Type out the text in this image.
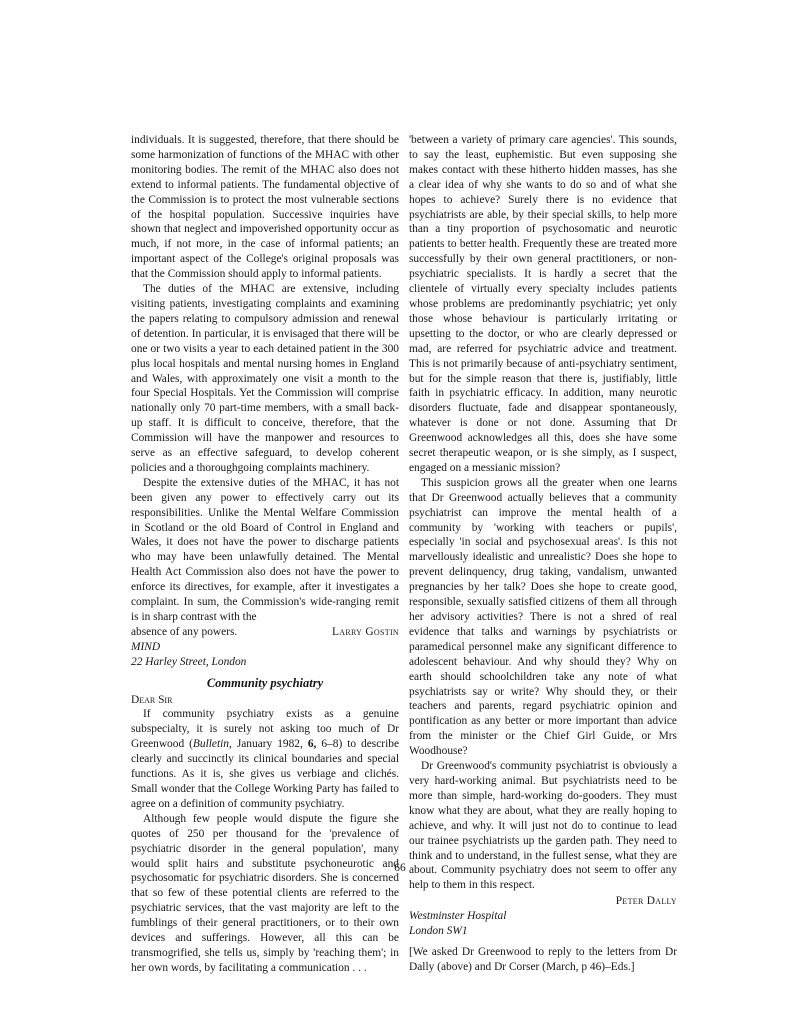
individuals. It is suggested, therefore, that there should be some harmonization of functions of the MHAC with other monitoring bodies. The remit of the MHAC also does not extend to informal patients. The fundamental objective of the Commission is to protect the most vulnerable sections of the hospital population. Successive inquiries have shown that neglect and impoverished opportunity occur as much, if not more, in the case of informal patients; an important aspect of the College's original proposals was that the Commission should apply to informal patients.

The duties of the MHAC are extensive, including visiting patients, investigating complaints and examining the papers relating to compulsory admission and renewal of detention. In particular, it is envisaged that there will be one or two visits a year to each detained patient in the 300 plus local hospitals and mental nursing homes in England and Wales, with approximately one visit a month to the four Special Hospitals. Yet the Commission will comprise nationally only 70 part-time members, with a small back-up staff. It is difficult to conceive, therefore, that the Commission will have the manpower and resources to serve as an effective safeguard, to develop coherent policies and a thoroughgoing complaints machinery.

Despite the extensive duties of the MHAC, it has not been given any power to effectively carry out its responsibilities. Unlike the Mental Welfare Commission in Scotland or the old Board of Control in England and Wales, it does not have the power to discharge patients who may have been unlawfully detained. The Mental Health Act Commission also does not have the power to enforce its directives, for example, after it investigates a complaint. In sum, the Commission's wide-ranging remit is in sharp contrast with the

absence of any powers.	Larry Gostin

MIND

22 Harley Street, London

Community psychiatry

Dear Sir

If community psychiatry exists as a genuine subspecialty, it is surely not asking too much of Dr Greenwood (Bulletin, January 1982, 6, 6–8) to describe clearly and succinctly its clinical boundaries and special functions. As it is, she gives us verbiage and clichés. Small wonder that the College Working Party has failed to agree on a definition of community psychiatry.

Although few people would dispute the figure she quotes of 250 per thousand for the 'prevalence of psychiatric disorder in the general population', many would split hairs and substitute psychoneurotic and psychosomatic for psychiatric disorders. She is concerned that so few of these potential clients are referred to the psychiatric services, that the vast majority are left to the fumblings of their general practitioners, or to their own devices and sufferings. However, all this can be transmogrified, she tells us, simply by 'reaching them'; in her own words, by facilitating a communication . . .

'between a variety of primary care agencies'. This sounds, to say the least, euphemistic. But even supposing she makes contact with these hitherto hidden masses, has she a clear idea of why she wants to do so and of what she hopes to achieve? Surely there is no evidence that psychiatrists are able, by their special skills, to help more than a tiny proportion of psychosomatic and neurotic patients to better health. Frequently these are treated more successfully by their own general practitioners, or non-psychiatric specialists. It is hardly a secret that the clientele of virtually every specialty includes patients whose problems are predominantly psychiatric; yet only those whose behaviour is particularly irritating or upsetting to the doctor, or who are clearly depressed or mad, are referred for psychiatric advice and treatment. This is not primarily because of anti-psychiatry sentiment, but for the simple reason that there is, justifiably, little faith in psychiatric efficacy. In addition, many neurotic disorders fluctuate, fade and disappear spontaneously, whatever is done or not done. Assuming that Dr Greenwood acknowledges all this, does she have some secret therapeutic weapon, or is she simply, as I suspect, engaged on a messianic mission?

This suspicion grows all the greater when one learns that Dr Greenwood actually believes that a community psychiatrist can improve the mental health of a community by 'working with teachers or pupils', especially 'in social and psychosexual areas'. Is this not marvellously idealistic and unrealistic? Does she hope to prevent delinquency, drug taking, vandalism, unwanted pregnancies by her talk? Does she hope to create good, responsible, sexually satisfied citizens of them all through her advisory activities? There is not a shred of real evidence that talks and warnings by psychiatrists or paramedical personnel make any significant difference to adolescent behaviour. And why should they? Why on earth should schoolchildren take any note of what psychiatrists say or write? Why should they, or their teachers and parents, regard psychiatric opinion and pontification as any better or more important than advice from the minister or the Chief Girl Guide, or Mrs Woodhouse?

Dr Greenwood's community psychiatrist is obviously a very hard-working animal. But psychiatrists need to be more than simple, hard-working do-gooders. They must know what they are about, what they are really hoping to achieve, and why. It will just not do to continue to lead our trainee psychiatrists up the garden path. They need to think and to understand, in the fullest sense, what they are about. Community psychiatry does not seem to offer any help to them in this respect.

Peter Dally

Westminster Hospital

London SW1

[We asked Dr Greenwood to reply to the letters from Dr Dally (above) and Dr Corser (March, p 46)–Eds.]

66
